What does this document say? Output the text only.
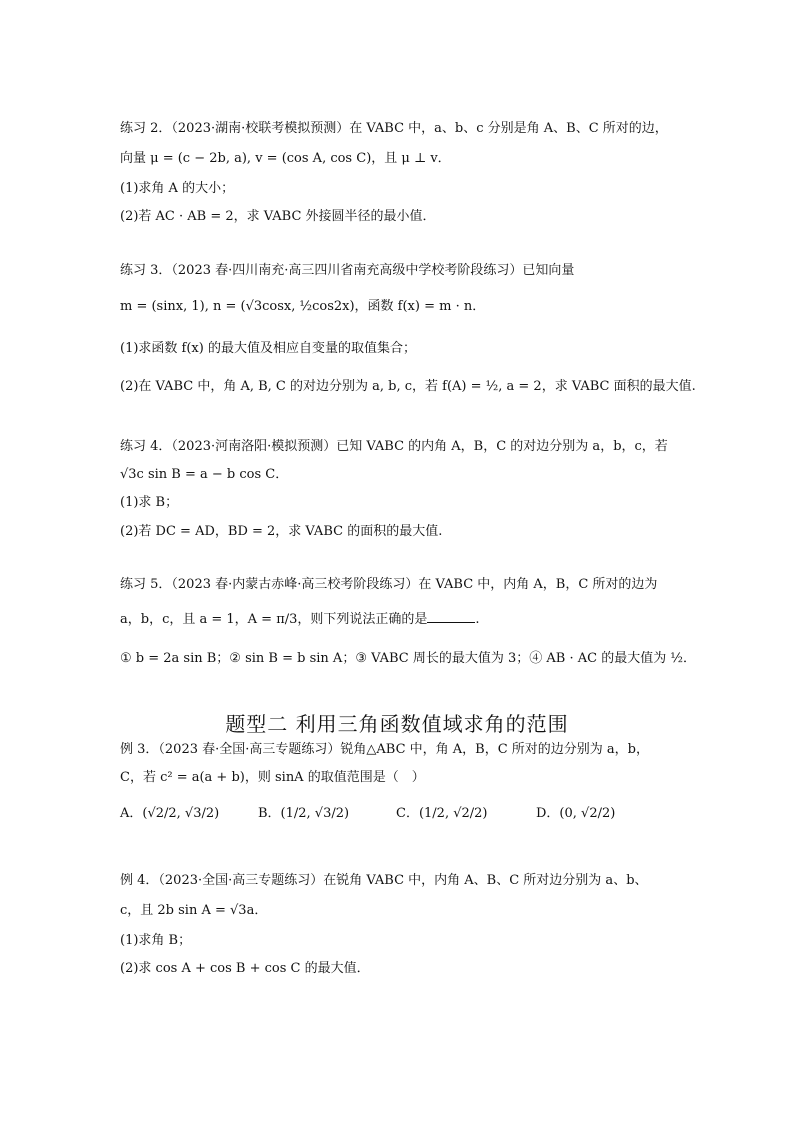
练习 2．（2023·湖南·校联考模拟预测）在 VABC 中，a、b、c 分别是角 A、B、C 所对的边，
向量 μ = (c − 2b, a), v = (cos A, cos C)，且 μ ⊥ v．
(1)求角 A 的大小；
(2)若 AC · AB = 2，求 VABC 外接圆半径的最小值．
练习 3．（2023 春·四川南充·高三四川省南充高级中学校考阶段练习）已知向量
m = (sinx, 1), n = (√3cosx, ½cos2x)，函数 f(x) = m · n．
(1)求函数 f(x) 的最大值及相应自变量的取值集合；
(2)在 VABC 中，角 A, B, C 的对边分别为 a, b, c，若 f(A) = ½, a = 2，求 VABC 面积的最大值.
练习 4．（2023·河南洛阳·模拟预测）已知 VABC 的内角 A，B，C 的对边分别为 a，b，c，若
√3c sin B = a − b cos C．
(1)求 B；
(2)若 DC = AD，BD = 2，求 VABC 的面积的最大值.
练习 5．（2023 春·内蒙古赤峰·高三校考阶段练习）在 VABC 中，内角 A，B，C 所对的边为
a，b，c，且 a = 1，A = π/3，则下列说法正确的是	.
① b = 2a sin B；② sin B = b sin A；③ VABC 周长的最大值为 3；④ AB · AC 的最大值为 ½．
题型二 利用三角函数值域求角的范围
例 3．（2023 春·全国·高三专题练习）锐角△ABC 中，角 A，B，C 所对的边分别为 a，b，
C，若 c² = a(a + b)，则 sinA 的取值范围是（　）
A．(√2/2, √3/2)	B．(1/2, √3/2)	C．(1/2, √2/2)	D．(0, √2/2)
例 4．（2023·全国·高三专题练习）在锐角 VABC 中，内角 A、B、C 所对边分别为 a、b、
c，且 2b sin A = √3a．
(1)求角 B；
(2)求 cos A + cos B + cos C 的最大值．
